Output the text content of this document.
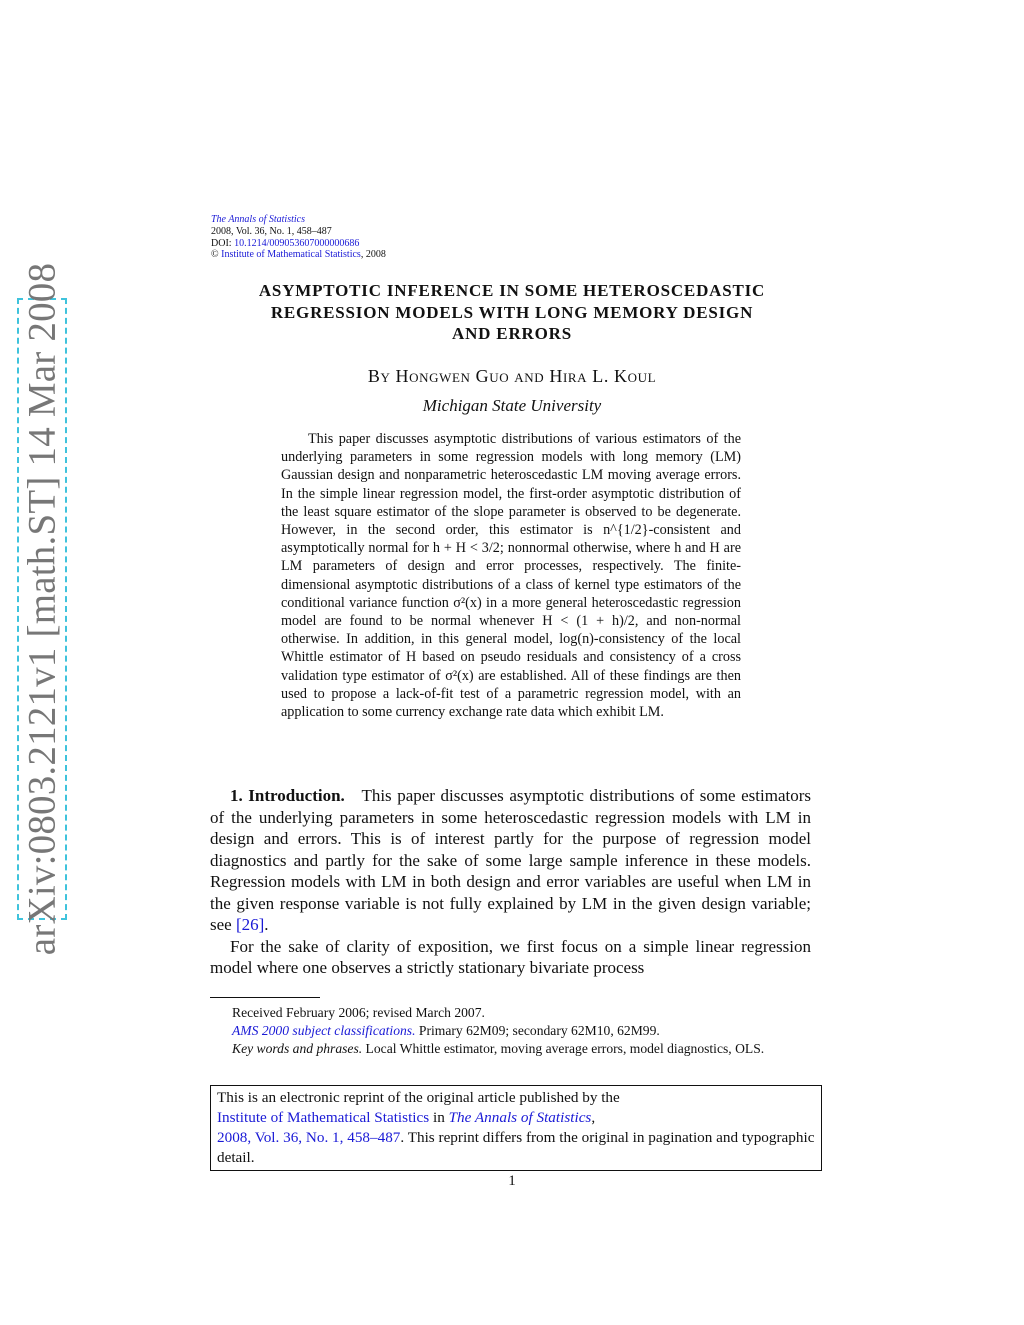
arXiv:0803.2121v1 [math.ST] 14 Mar 2008
The Annals of Statistics
2008, Vol. 36, No. 1, 458–487
DOI: 10.1214/009053607000000686
© Institute of Mathematical Statistics, 2008
ASYMPTOTIC INFERENCE IN SOME HETEROSCEDASTIC
REGRESSION MODELS WITH LONG MEMORY DESIGN
AND ERRORS
By Hongwen Guo and Hira L. Koul
Michigan State University
This paper discusses asymptotic distributions of various estimators of the underlying parameters in some regression models with long memory (LM) Gaussian design and nonparametric heteroscedastic LM moving average errors. In the simple linear regression model, the first-order asymptotic distribution of the least square estimator of the slope parameter is observed to be degenerate. However, in the second order, this estimator is n^{1/2}-consistent and asymptotically normal for h + H < 3/2; nonnormal otherwise, where h and H are LM parameters of design and error processes, respectively. The finite-dimensional asymptotic distributions of a class of kernel type estimators of the conditional variance function σ²(x) in a more general heteroscedastic regression model are found to be normal whenever H < (1 + h)/2, and non-normal otherwise. In addition, in this general model, log(n)-consistency of the local Whittle estimator of H based on pseudo residuals and consistency of a cross validation type estimator of σ²(x) are established. All of these findings are then used to propose a lack-of-fit test of a parametric regression model, with an application to some currency exchange rate data which exhibit LM.

1. Introduction. This paper discusses asymptotic distributions of some estimators of the underlying parameters in some heteroscedastic regression models with LM in design and errors. This is of interest partly for the purpose of regression model diagnostics and partly for the sake of some large sample inference in these models. Regression models with LM in both design and error variables are useful when LM in the given response variable is not fully explained by LM in the given design variable; see [26].

For the sake of clarity of exposition, we first focus on a simple linear regression model where one observes a strictly stationary bivariate process

Received February 2006; revised March 2007.

AMS 2000 subject classifications. Primary 62M09; secondary 62M10, 62M99.

Key words and phrases. Local Whittle estimator, moving average errors, model diagnostics, OLS.

This is an electronic reprint of the original article published by the
Institute of Mathematical Statistics in The Annals of Statistics,
2008, Vol. 36, No. 1, 458–487. This reprint differs from the original in pagination and typographic detail.
1
